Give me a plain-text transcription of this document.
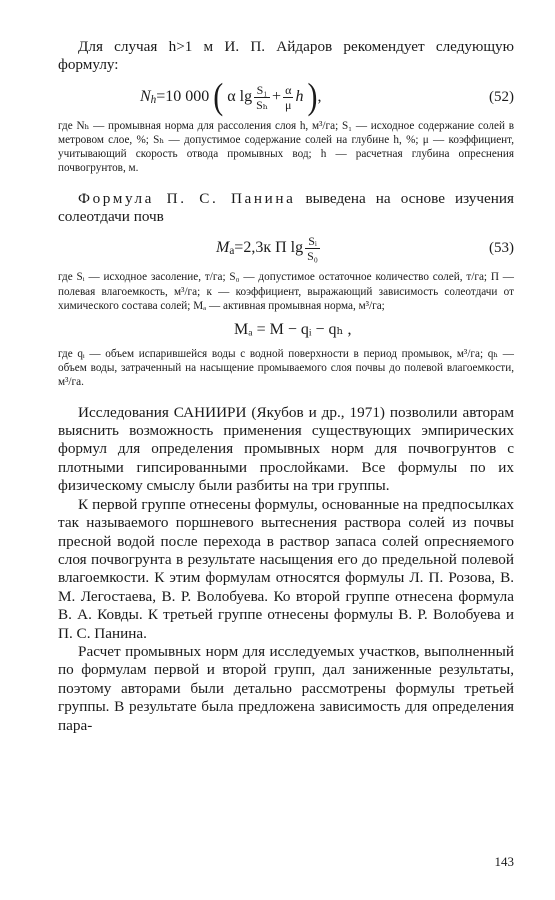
Для случая h>1 м И. П. Айдаров рекомендует следующую формулу:

$N_h=10$ 000 ( α $\lg \frac{\text{S₁}}{\text{Sₕ}} + \frac{\alpha}{\mu}$ h ),	(52)

где Nₕ — промывная норма для рассоления слоя h, м³/га; S₁ — исходное содержание солей в метровом слое, %; Sₕ — допустимое содержание солей на глубине h, %; μ — коэффициент, учитывающий скорость отвода промывных вод; h — расчетная глубина опреснения почвогрунтов, м.

Формула П. С. Панина выведена на основе изучения солеотдачи почв

$M_a=2,3к$ П $\lg \frac{\text{Sᵢ}}{\text{S₀}}$	(53)

где Sᵢ — исходное засоление, т/га; S₀ — допустимое остаточное количество солей, т/га; П — полевая влагоемкость, м³/га; к — коэффициент, выражающий зависимость солеотдачи от химического состава солей; Mₐ — активная промывная норма, м³/га;

Mₐ = M − qᵢ − qₕ ,

где qᵢ — объем испарившейся воды с водной поверхности в период промывок, м³/га; qₕ — объем воды, затраченный на насыщение промываемого слоя почвы до полевой влагоемкости, м³/га.

Исследования САНИИРИ (Якубов и др., 1971) позволили авторам выяснить возможность применения существующих эмпирических формул для определения промывных норм для почвогрунтов с плотными гипсированными прослойками. Все формулы по их физическому смыслу были разбиты на три группы.

К первой группе отнесены формулы, основанные на предпосылках так называемого поршневого вытеснения раствора солей из почвы пресной водой после перехода в раствор запаса солей опресняемого слоя почвогрунта в результате насыщения его до предельной полевой влагоемкости. К этим формулам относятся формулы Л. П. Розова, В. М. Легостаева, В. Р. Волобуева. Ко второй группе отнесена формула В. А. Ковды. К третьей группе отнесены формулы В. Р. Волобуева и П. С. Панина.

Расчет промывных норм для исследуемых участков, выполненный по формулам первой и второй групп, дал заниженные результаты, поэтому авторами были детально рассмотрены формулы третьей группы. В результате была предложена зависимость для определения пара-

143
